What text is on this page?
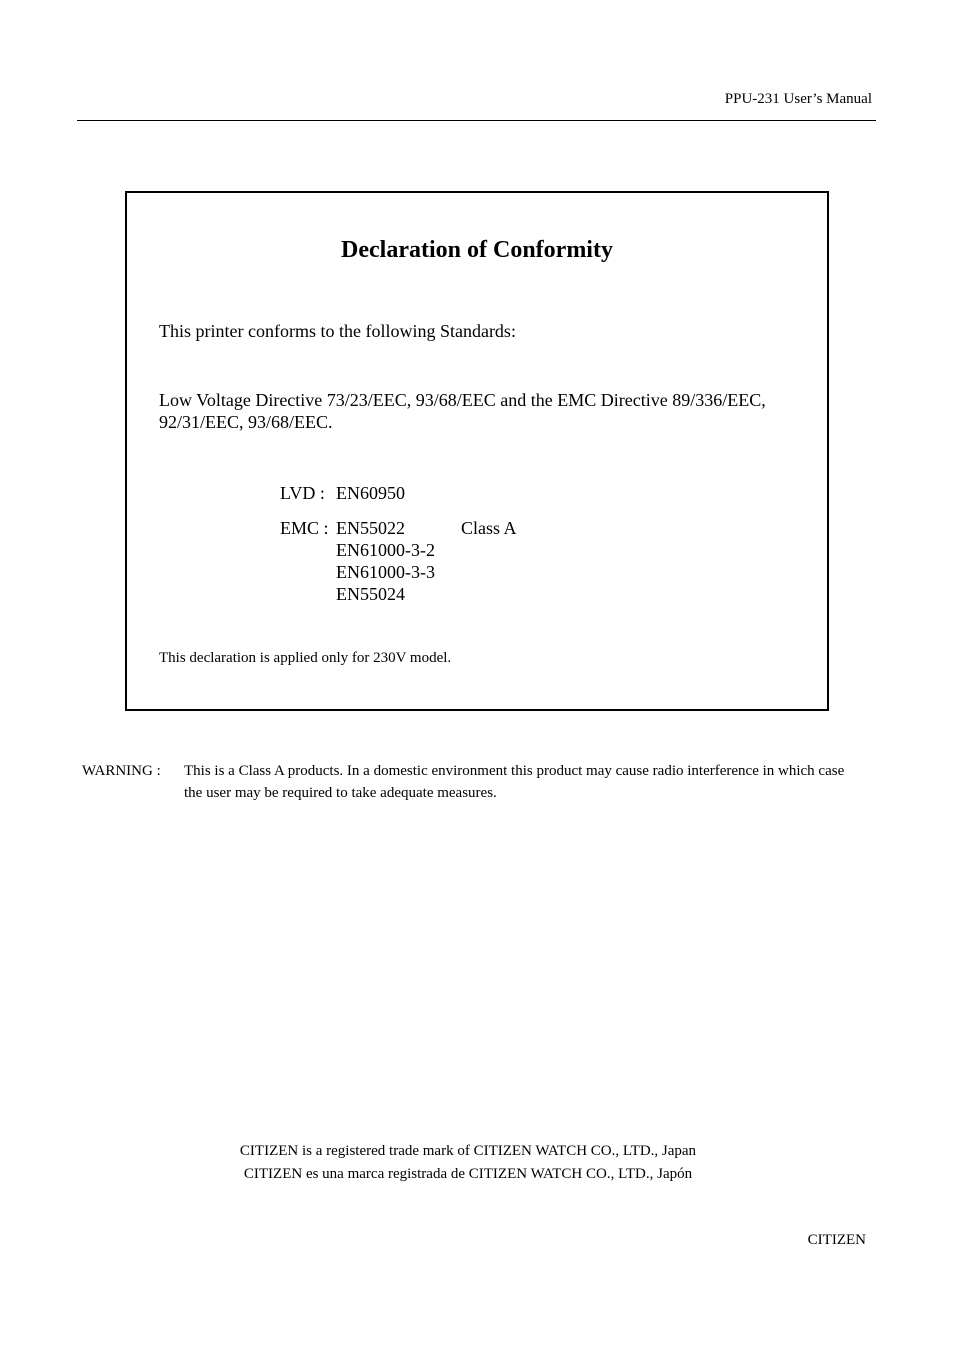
PPU-231 User’s Manual
Declaration of Conformity
This printer conforms to the following Standards:
Low Voltage Directive 73/23/EEC, 93/68/EEC and the EMC Directive 89/336/EEC, 92/31/EEC, 93/68/EEC.
LVD : EN60950
EMC : EN55022
EN61000-3-2
EN61000-3-3
EN55024
Class A
This declaration is applied only for 230V model.
WARNING : This is a Class A products. In a domestic environment this product may cause radio interference in which case the user may be required to take adequate measures.
CITIZEN is a registered trade mark of CITIZEN WATCH CO., LTD., Japan
CITIZEN es una marca registrada de CITIZEN WATCH CO., LTD., Japón
CITIZEN
